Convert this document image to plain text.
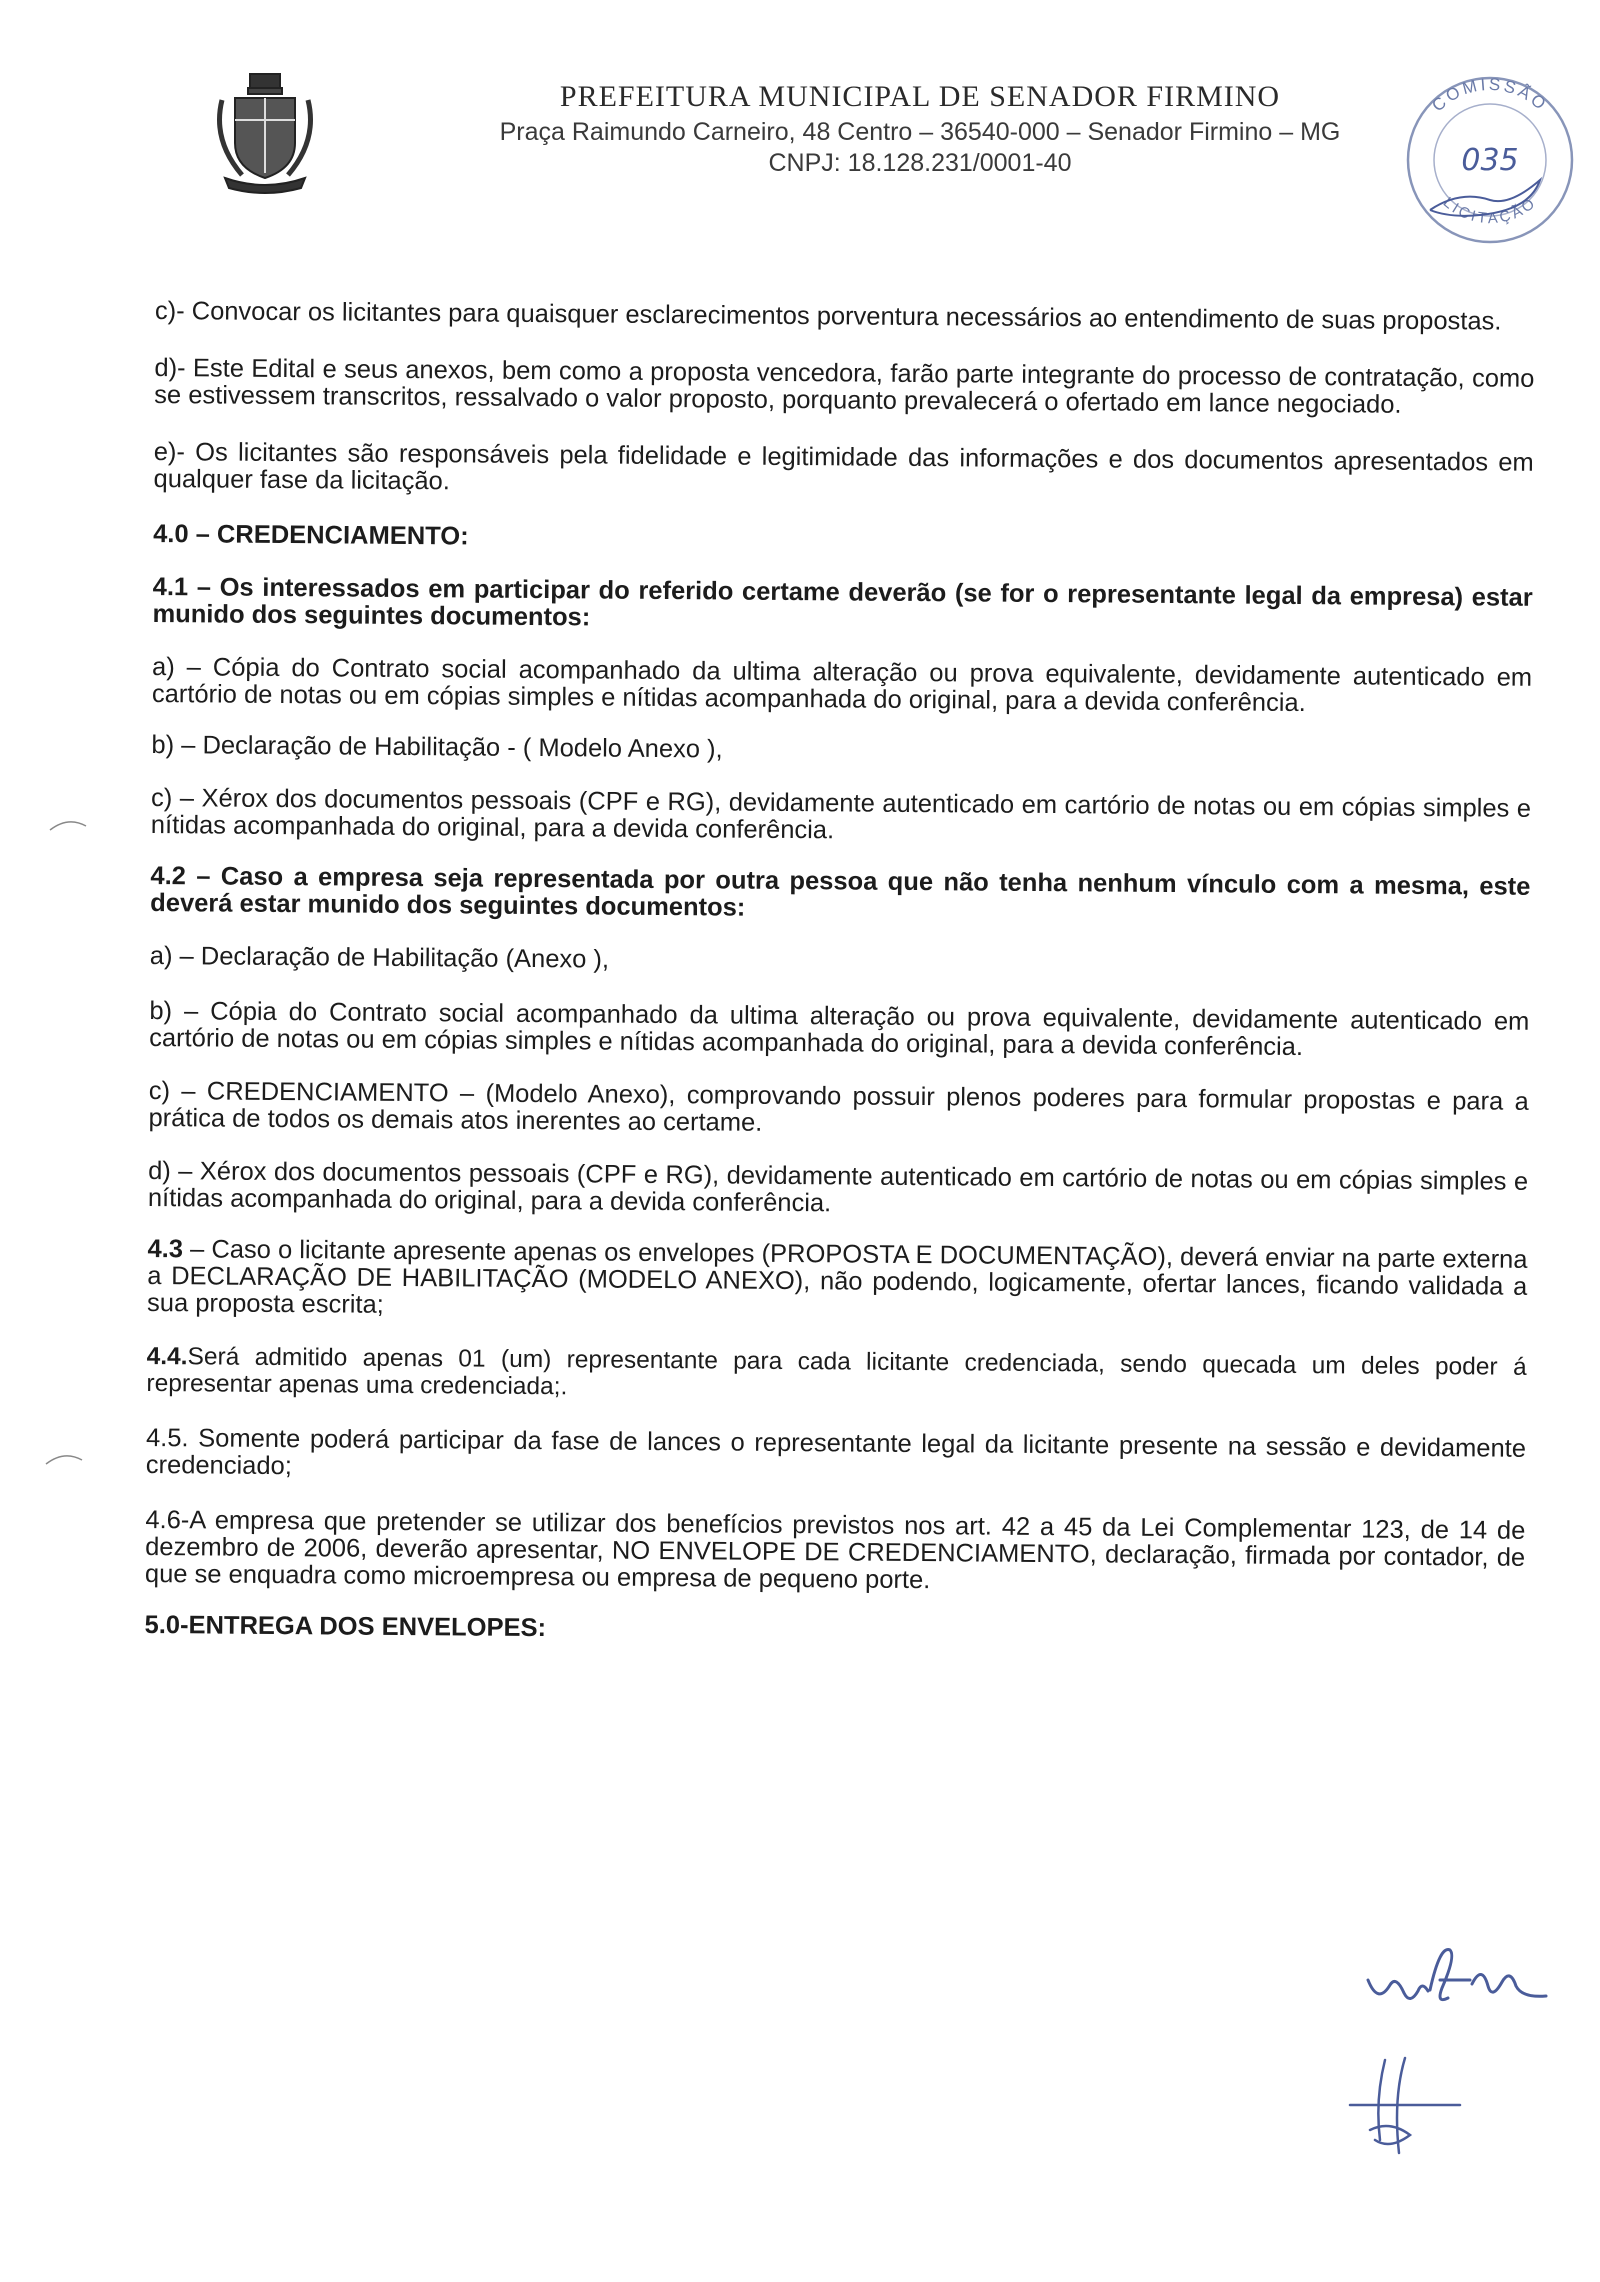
PREFEITURA MUNICIPAL DE SENADOR FIRMINO

Praça Raimundo Carneiro, 48 Centro – 36540-000 – Senador Firmino – MG

CNPJ: 18.128.231/0001-40

COMISSÃO
LICITAÇÃO
035

c)- Convocar os licitantes para quaisquer esclarecimentos porventura necessários ao entendimento de suas propostas.

d)- Este Edital e seus anexos, bem como a proposta vencedora, farão parte integrante do processo de contratação, como se estivessem transcritos, ressalvado o valor proposto, porquanto prevalecerá o ofertado em lance negociado.

e)- Os licitantes são responsáveis pela fidelidade e legitimidade das informações e dos documentos apresentados em qualquer fase da licitação.

4.0 – CREDENCIAMENTO:

4.1 – Os interessados em participar do referido certame deverão (se for o representante legal da empresa) estar munido dos seguintes documentos:

a) – Cópia do Contrato social acompanhado da ultima alteração ou prova equivalente, devidamente autenticado em cartório de notas ou em cópias simples e nítidas acompanhada do original, para a devida conferência.

b) – Declaração de Habilitação - ( Modelo Anexo ),

c) – Xérox dos documentos pessoais (CPF e RG), devidamente autenticado em cartório de notas ou em cópias simples e nítidas acompanhada do original, para a devida conferência.

4.2 – Caso a empresa seja representada por outra pessoa que não tenha nenhum vínculo com a mesma, este deverá estar munido dos seguintes documentos:

a) – Declaração de Habilitação (Anexo ),

b) – Cópia do Contrato social acompanhado da ultima alteração ou prova equivalente, devidamente autenticado em cartório de notas ou em cópias simples e nítidas acompanhada do original, para a devida conferência.

c) – CREDENCIAMENTO – (Modelo Anexo), comprovando possuir plenos poderes para formular propostas e para a prática de todos os demais atos inerentes ao certame.

d) – Xérox dos documentos pessoais (CPF e RG), devidamente autenticado em cartório de notas ou em cópias simples e nítidas acompanhada do original, para a devida conferência.

4.3 – Caso o licitante apresente apenas os envelopes (PROPOSTA E DOCUMENTAÇÃO), deverá enviar na parte externa a DECLARAÇÃO DE HABILITAÇÃO (MODELO ANEXO), não podendo, logicamente, ofertar lances, ficando validada a sua proposta escrita;

4.4.Será admitido apenas 01 (um) representante para cada licitante credenciada, sendo quecada um deles poder á representar apenas uma credenciada;.

4.5. Somente poderá participar da fase de lances o representante legal da licitante presente na sessão e devidamente credenciado;

4.6-A empresa que pretender se utilizar dos benefícios previstos nos art. 42 a 45 da Lei Complementar 123, de 14 de dezembro de 2006, deverão apresentar, NO ENVELOPE DE CREDENCIAMENTO, declaração, firmada por contador, de que se enquadra como microempresa ou empresa de pequeno porte.

5.0-ENTREGA DOS ENVELOPES:
